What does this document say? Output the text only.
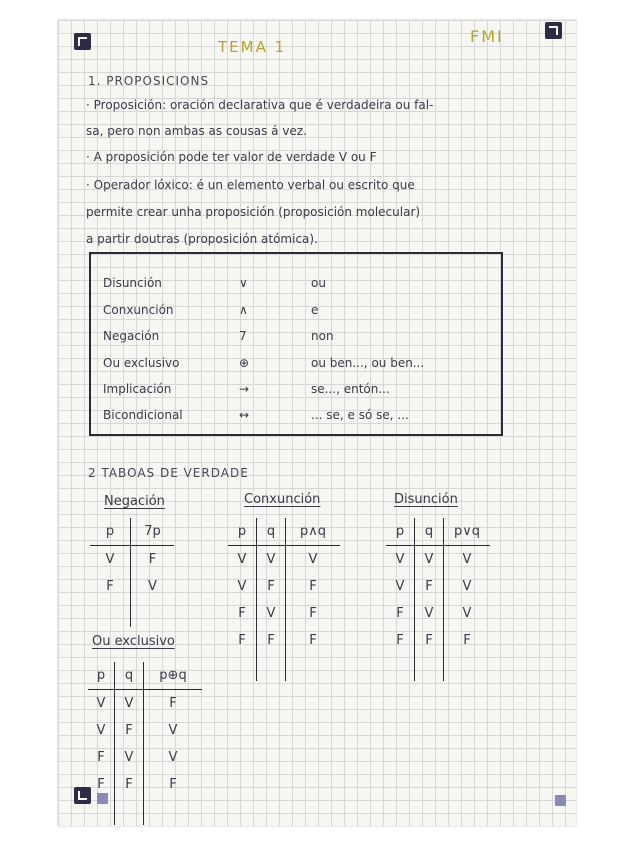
TEMA 1
FMI
1. PROPOSICIONS
· Proposición: oración declarativa que é verdadeira ou fal-
sa, pero non ambas as cousas á vez.
· A proposición pode ter valor de verdade V ou F
· Operador lóxico: é un elemento verbal ou escrito que
permite crear unha proposición (proposición molecular)
a partir doutras (proposición atómica).
Disunción	∨	ou
Conxunción	∧	e
Negación	7	non
Ou exclusivo	⊕	ou ben..., ou ben...
Implicación	→	se..., entón...
Bicondicional	↔	... se, e só se, ...
2 TABOAS DE VERDADE
Negación
p	7p
V	F
F	V

Conxunción
p	q	p∧q
V	V	V
V	F	F
F	V	F
F	F	F

Disunción
p	q	p∨q
V	V	V
V	F	V
F	V	V
F	F	F

Ou exclusivo
p	q	p⊕q
V	V	F
V	F	V
F	V	V
F	F	F
